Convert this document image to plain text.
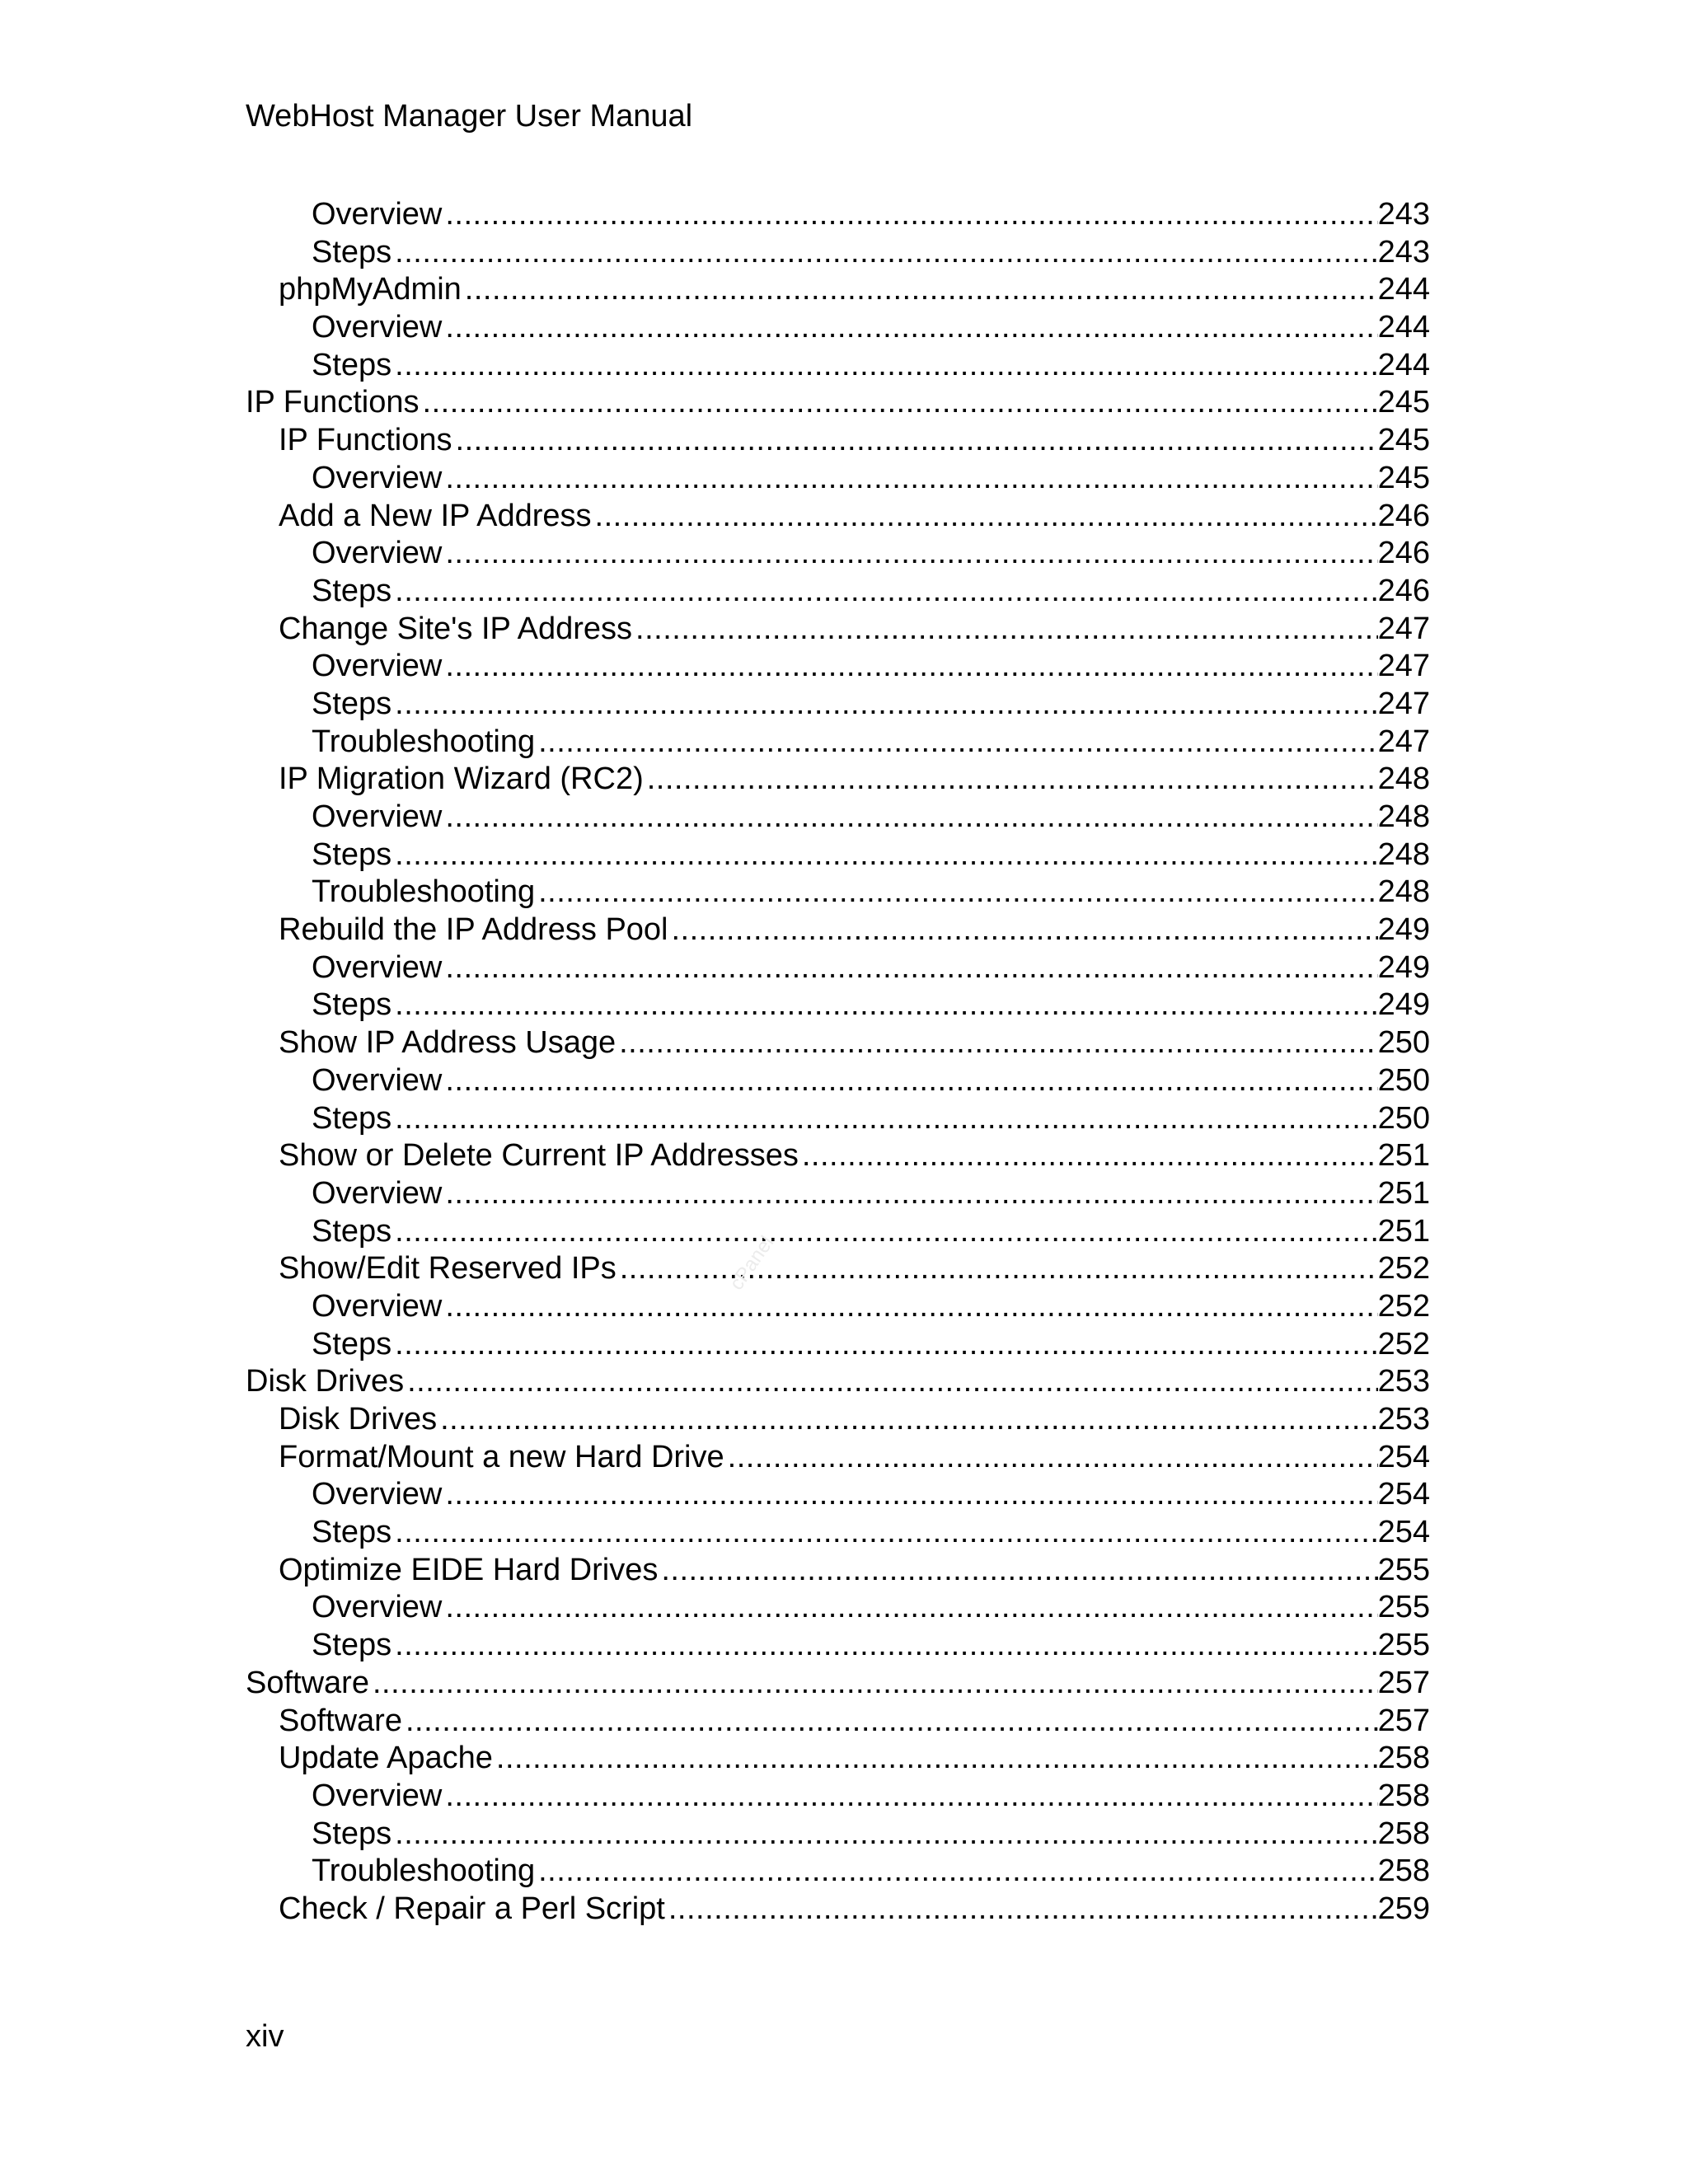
WebHost Manager User Manual
Overview .....	243
Steps .....	243
phpMyAdmin .....	244
Overview .....	244
Steps .....	244
IP Functions .....	245
IP Functions .....	245
Overview .....	245
Add a New IP Address .....	246
Overview .....	246
Steps .....	246
Change Site's IP Address .....	247
Overview .....	247
Steps .....	247
Troubleshooting .....	247
IP Migration Wizard (RC2) .....	248
Overview .....	248
Steps .....	248
Troubleshooting .....	248
Rebuild the IP Address Pool .....	249
Overview .....	249
Steps .....	249
Show IP Address Usage .....	250
Overview .....	250
Steps .....	250
Show or Delete Current IP Addresses .....	251
Overview .....	251
Steps .....	251
Show/Edit Reserved IPs .....	252
Overview .....	252
Steps .....	252
Disk Drives .....	253
Disk Drives .....	253
Format/Mount a new Hard Drive .....	254
Overview .....	254
Steps .....	254
Optimize EIDE Hard Drives .....	255
Overview .....	255
Steps .....	255
Software .....	257
Software .....	257
Update Apache .....	258
Overview .....	258
Steps .....	258
Troubleshooting .....	258
Check / Repair a Perl Script .....	259
cPanel
xiv
